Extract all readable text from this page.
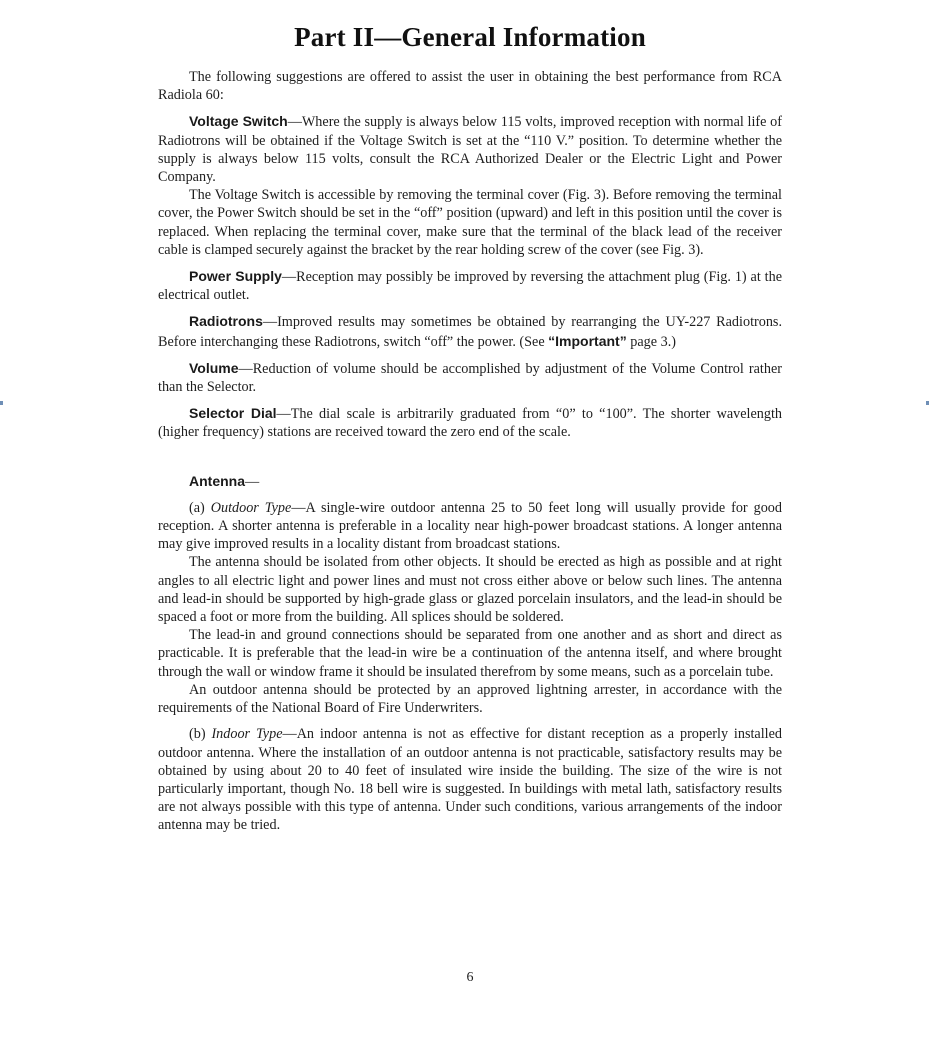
Part II—General Information

The following suggestions are offered to assist the user in obtaining the best performance from RCA Radiola 60:

Voltage Switch—Where the supply is always below 115 volts, improved reception with normal life of Radiotrons will be obtained if the Voltage Switch is set at the “110 V.” position. To determine whether the supply is always below 115 volts, consult the RCA Authorized Dealer or the Electric Light and Power Company.

The Voltage Switch is accessible by removing the terminal cover (Fig. 3). Before removing the terminal cover, the Power Switch should be set in the “off” position (upward) and left in this position until the cover is replaced. When replacing the terminal cover, make sure that the terminal of the black lead of the receiver cable is clamped securely against the bracket by the rear holding screw of the cover (see Fig. 3).

Power Supply—Reception may possibly be improved by reversing the attachment plug (Fig. 1) at the electrical outlet.

Radiotrons—Improved results may sometimes be obtained by rearranging the UY-227 Radiotrons. Before interchanging these Radiotrons, switch “off” the power. (See “Important” page 3.)

Volume—Reduction of volume should be accomplished by adjustment of the Volume Control rather than the Selector.

Selector Dial—The dial scale is arbitrarily graduated from “0” to “100”. The shorter wavelength (higher frequency) stations are received toward the zero end of the scale.

Antenna—

(a) Outdoor Type—A single-wire outdoor antenna 25 to 50 feet long will usually provide for good reception. A shorter antenna is preferable in a locality near high-power broadcast stations. A longer antenna may give improved results in a locality distant from broadcast stations.

The antenna should be isolated from other objects. It should be erected as high as possible and at right angles to all electric light and power lines and must not cross either above or below such lines. The antenna and lead-in should be supported by high-grade glass or glazed porcelain insulators, and the lead-in should be spaced a foot or more from the building. All splices should be soldered.

The lead-in and ground connections should be separated from one another and as short and direct as practicable. It is preferable that the lead-in wire be a continuation of the antenna itself, and where brought through the wall or window frame it should be insulated therefrom by some means, such as a porcelain tube.

An outdoor antenna should be protected by an approved lightning arrester, in accordance with the requirements of the National Board of Fire Underwriters.

(b) Indoor Type—An indoor antenna is not as effective for distant reception as a properly installed outdoor antenna. Where the installation of an outdoor antenna is not practicable, satisfactory results may be obtained by using about 20 to 40 feet of insulated wire inside the building. The size of the wire is not particularly important, though No. 18 bell wire is suggested. In buildings with metal lath, satisfactory results are not always possible with this type of antenna. Under such conditions, various arrangements of the indoor antenna may be tried.

6
